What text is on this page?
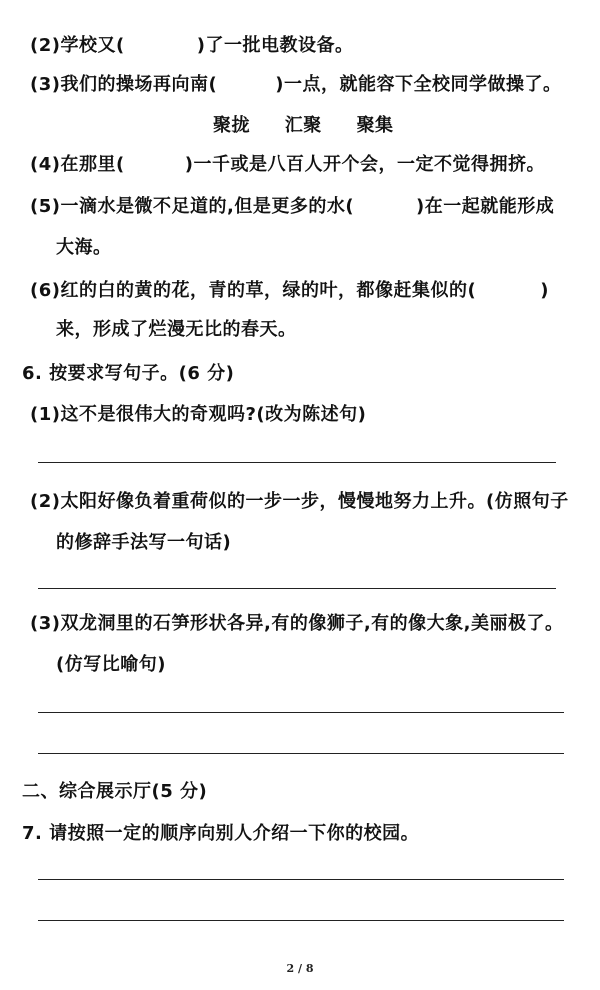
(2)学校又(	)了一批电教设备。
(3)我们的操场再向南(	)一点，就能容下全校同学做操了。
聚拢 汇聚 聚集
(4)在那里(	)一千或是八百人开个会，一定不觉得拥挤。
(5)一滴水是微不足道的,但是更多的水(	)在一起就能形成
大海。
(6)红的白的黄的花，青的草，绿的叶，都像赶集似的(	)
来，形成了烂漫无比的春天。
6. 按要求写句子。(6 分)
(1)这不是很伟大的奇观吗?(改为陈述句)
(2)太阳好像负着重荷似的一步一步，慢慢地努力上升。(仿照句子
的修辞手法写一句话)
(3)双龙洞里的石笋形状各异,有的像狮子,有的像大象,美丽极了。
(仿写比喻句)
二、综合展示厅(5 分)
7. 请按照一定的顺序向别人介绍一下你的校园。
2 / 8
